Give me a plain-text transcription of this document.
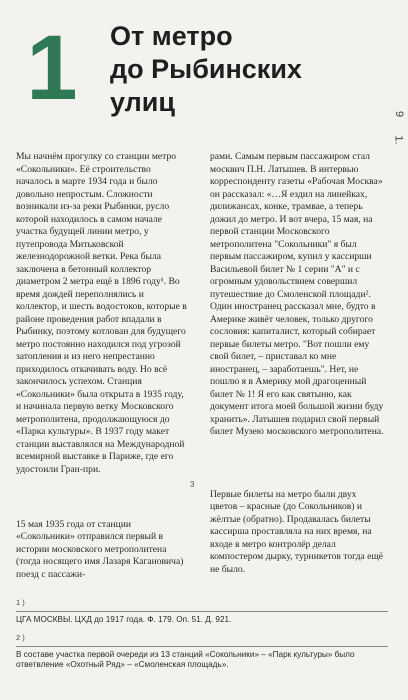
1 От метро
до Рыбинских
улиц	9
1.

Мы начнём прогулку со станции метро «Сокольники». Её строительство началось в марте 1934 года и было довольно непростым. Сложности возникали из-за реки Рыбинки, русло которой находилось в самом начале участка будущей линии метро, у путепровода Митьковской железнодорожной ветки. Река была заключена в бетонный коллектор диаметром 2 метра ещё в 1896 году¹. Во время дождей переполнялись и коллектор, и шесть водостоков, которые в районе проведения работ впадали в Рыбинку, поэтому котлован для будущего метро постоянно находился под угрозой затопления и из него непрестанно приходилось откачивать воду. Но всё закончилось успехом. Станция «Сокольники» была открыта в 1935 году, и начинала первую ветку Московского метрополитена, продолжающуюся до «Парка культуры». В 1937 году макет станции выставлялся на Международной всемирной выставке в Париже, где его удостоили Гран-при.

рами. Самым первым пассажиром стал москвич П.Н. Латышев. В интервью корреспонденту газеты «Рабочая Москва» он рассказал: «…Я ездил на линейках, дилижансах, конке, трамвае, а теперь дожил до метро. И вот вчера, 15 мая, на первой станции Московского метрополитена "Сокольники" я был первым пассажиром, купил у кассирши Васильевой билет № 1 серии "А" и с огромным удовольствием совершил путешествие до Смоленской площади². Один иностранец рассказал мне, будто в Америке живёт человек, только другого сословия: капиталист, который собирает первые билеты метро. "Вот пошли ему свой билет, – приставал ко мне иностранец, – заработаешь". Нет, не пошлю я в Америку мой драгоценный билет № 1! Я его как святыню, как документ итога моей большой жизни буду хранить». Латышев подарил свой первый билет Музею московского метрополитена.

3

Первые билеты на метро были двух цветов – красные (до Сокольников) и жёлтые (обратно). Продавалась билеты кассирша проставляла на них время, на входе в метро контролёр делал компостером дырку, турникетов тогда ещё не было.

15 мая 1935 года от станции «Сокольники» отправился первый в истории московского метрополитена (тогда носящего имя Лазаря Кагановича) поезд с пассажи-

1 )
ЦГА МОСКВЫ. ЦХД до 1917 года. Ф. 179. Оп. 51. Д. 921.
2 )
В составе участка первой очереди из 13 станций «Сокольники» – «Парк культуры» было ответвление «Охотный Ряд» – «Смоленская площадь».
